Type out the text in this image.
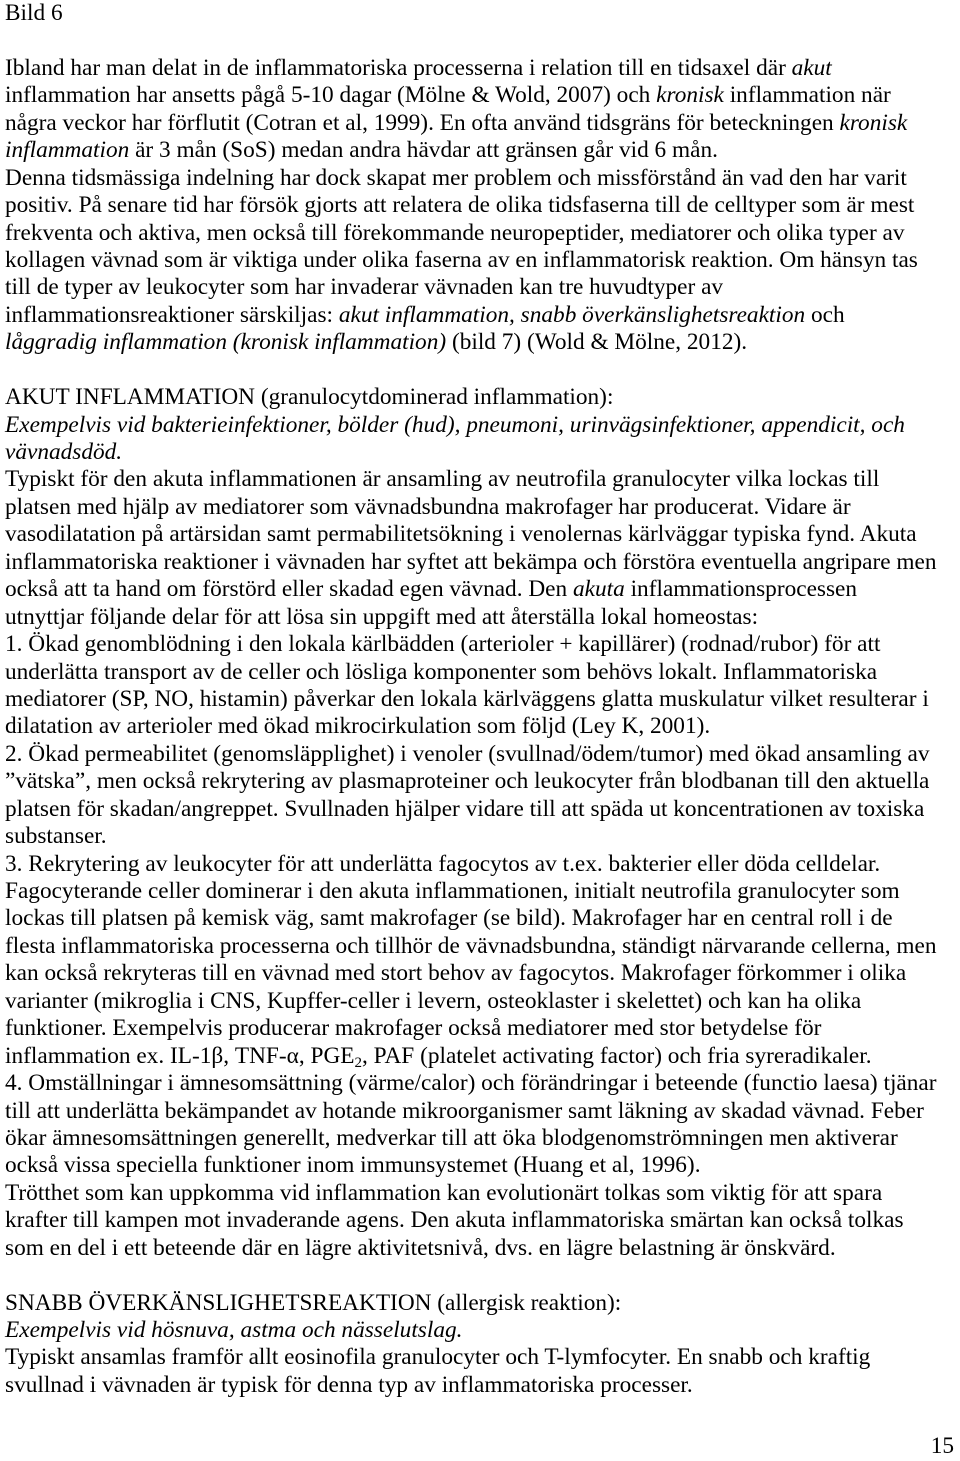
Bild 6
Ibland har man delat in de inflammatoriska processerna i relation till en tidsaxel där akut
inflammation har ansetts pågå 5-10 dagar (Mölne & Wold, 2007) och kronisk inflammation när
några veckor har förflutit (Cotran et al, 1999). En ofta använd tidsgräns för beteckningen kronisk
inflammation är 3 mån (SoS) medan andra hävdar att gränsen går vid 6 mån.
Denna tidsmässiga indelning har dock skapat mer problem och missförstånd än vad den har varit
positiv. På senare tid har försök gjorts att relatera de olika tidsfaserna till de celltyper som är mest
frekventa och aktiva, men också till förekommande neuropeptider, mediatorer och olika typer av
kollagen vävnad som är viktiga under olika faserna av en inflammatorisk reaktion. Om hänsyn tas
till de typer av leukocyter som har invaderar vävnaden kan tre huvudtyper av
inflammationsreaktioner särskiljas: akut inflammation, snabb överkänslighetsreaktion och
låggradig inflammation (kronisk inflammation) (bild 7) (Wold & Mölne, 2012).
AKUT INFLAMMATION (granulocytdominerad inflammation):
Exempelvis vid bakterieinfektioner, bölder (hud), pneumoni, urinvägsinfektioner, appendicit, och
vävnadsdöd.
Typiskt för den akuta inflammationen är ansamling av neutrofila granulocyter vilka lockas till
platsen med hjälp av mediatorer som vävnadsbundna makrofager har producerat. Vidare är
vasodilatation på artärsidan samt permabilitetsökning i venolernas kärlväggar typiska fynd. Akuta
inflammatoriska reaktioner i vävnaden har syftet att bekämpa och förstöra eventuella angripare men
också att ta hand om förstörd eller skadad egen vävnad. Den akuta inflammationsprocessen
utnyttjar följande delar för att lösa sin uppgift med att återställa lokal homeostas:
1. Ökad genomblödning i den lokala kärlbädden (arterioler + kapillärer) (rodnad/rubor) för att
underlätta transport av de celler och lösliga komponenter som behövs lokalt. Inflammatoriska
mediatorer (SP, NO, histamin) påverkar den lokala kärlväggens glatta muskulatur vilket resulterar i
dilatation av arterioler med ökad mikrocirkulation som följd (Ley K, 2001).
2. Ökad permeabilitet (genomsläpplighet) i venoler (svullnad/ödem/tumor) med ökad ansamling av
”vätska”, men också rekrytering av plasmaproteiner och leukocyter från blodbanan till den aktuella
platsen för skadan/angreppet. Svullnaden hjälper vidare till att späda ut koncentrationen av toxiska
substanser.
3. Rekrytering av leukocyter för att underlätta fagocytos av t.ex. bakterier eller döda celldelar.
Fagocyterande celler dominerar i den akuta inflammationen, initialt neutrofila granulocyter som
lockas till platsen på kemisk väg, samt makrofager (se bild). Makrofager har en central roll i de
flesta inflammatoriska processerna och tillhör de vävnadsbundna, ständigt närvarande cellerna, men
kan också rekryteras till en vävnad med stort behov av fagocytos. Makrofager förkommer i olika
varianter (mikroglia i CNS, Kupffer-celler i levern, osteoklaster i skelettet) och kan ha olika
funktioner. Exempelvis producerar makrofager också mediatorer med stor betydelse för
inflammation ex. IL-1β, TNF-α, $PGE_2$, PAF (platelet activating factor) och fria syreradikaler.
4. Omställningar i ämnesomsättning (värme/calor) och förändringar i beteende (functio laesa) tjänar
till att underlätta bekämpandet av hotande mikroorganismer samt läkning av skadad vävnad. Feber
ökar ämnesomsättningen generellt, medverkar till att öka blodgenomströmningen men aktiverar
också vissa speciella funktioner inom immunsystemet (Huang et al, 1996).
Trötthet som kan uppkomma vid inflammation kan evolutionärt tolkas som viktig för att spara
krafter till kampen mot invaderande agens. Den akuta inflammatoriska smärtan kan också tolkas
som en del i ett beteende där en lägre aktivitetsnivå, dvs. en lägre belastning är önskvärd.
SNABB ÖVERKÄNSLIGHETSREAKTION (allergisk reaktion):
Exempelvis vid hösnuva, astma och nässelutslag.
Typiskt ansamlas framför allt eosinofila granulocyter och T-lymfocyter. En snabb och kraftig
svullnad i vävnaden är typisk för denna typ av inflammatoriska processer.
15
